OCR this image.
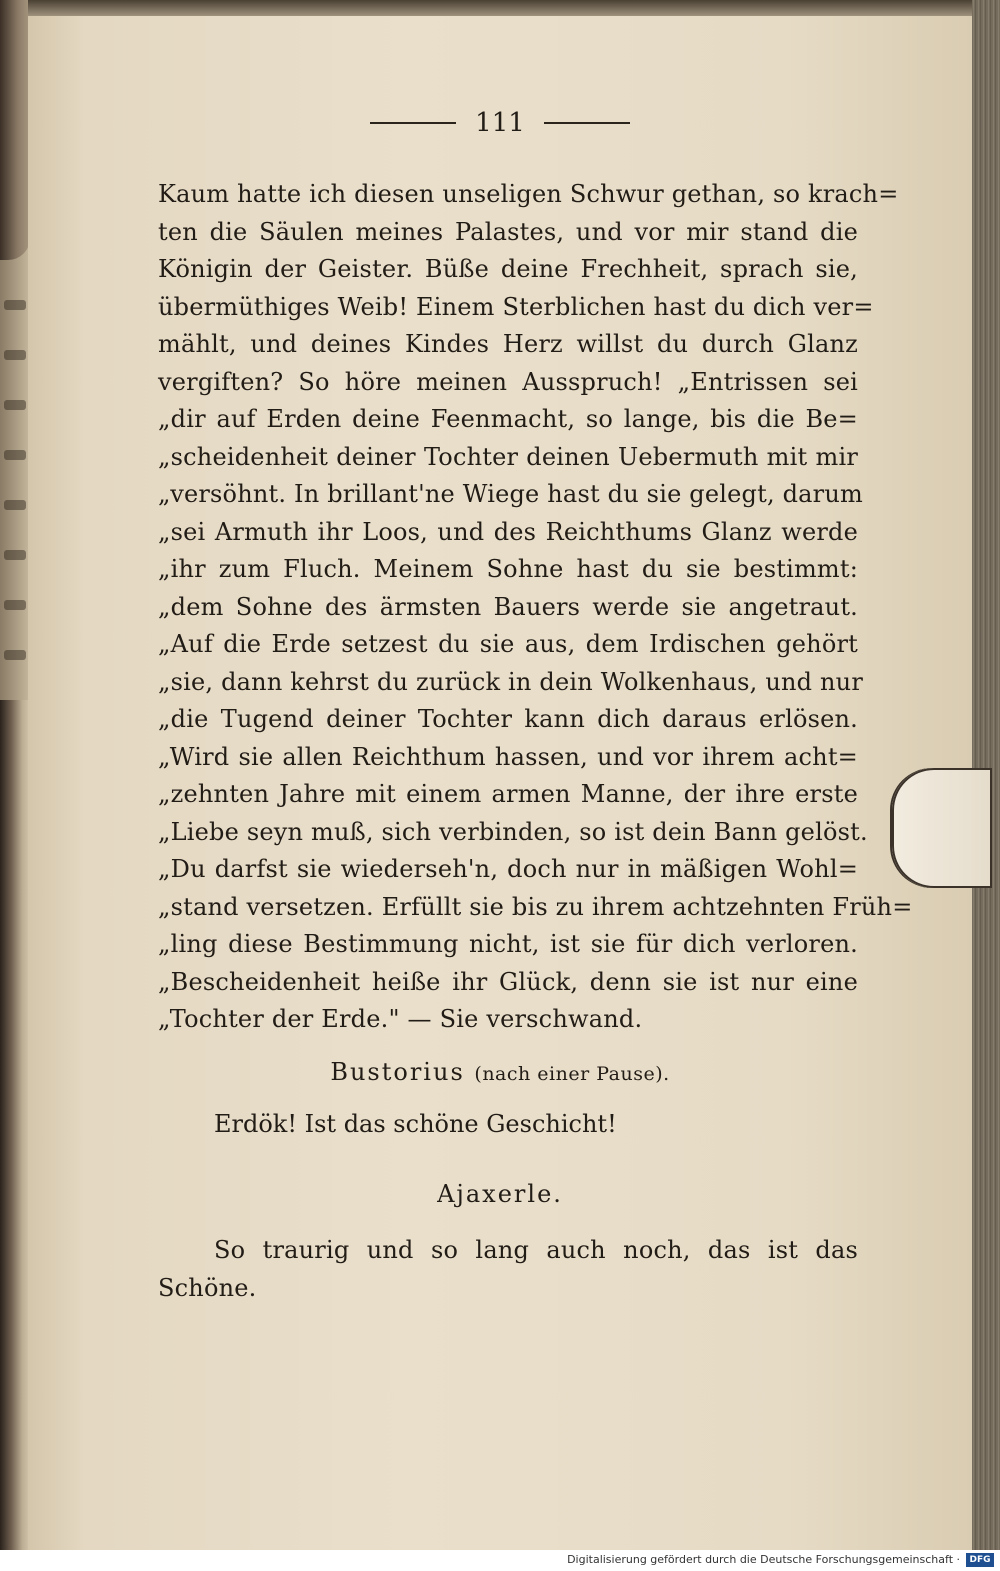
111
Kaum hatte ich diesen unseligen Schwur gethan, so krach=
ten die Säulen meines Palastes, und vor mir stand die
Königin der Geister. Büße deine Frechheit, sprach sie,
übermüthiges Weib! Einem Sterblichen hast du dich ver=
mählt, und deines Kindes Herz willst du durch Glanz
vergiften? So höre meinen Ausspruch! „Entrissen sei
„dir auf Erden deine Feenmacht, so lange, bis die Be=
„scheidenheit deiner Tochter deinen Uebermuth mit mir
„versöhnt. In brillant'ne Wiege hast du sie gelegt, darum
„sei Armuth ihr Loos, und des Reichthums Glanz werde
„ihr zum Fluch. Meinem Sohne hast du sie bestimmt:
„dem Sohne des ärmsten Bauers werde sie angetraut.
„Auf die Erde setzest du sie aus, dem Irdischen gehört
„sie, dann kehrst du zurück in dein Wolkenhaus, und nur
„die Tugend deiner Tochter kann dich daraus erlösen.
„Wird sie allen Reichthum hassen, und vor ihrem acht=
„zehnten Jahre mit einem armen Manne, der ihre erste
„Liebe seyn muß, sich verbinden, so ist dein Bann gelöst.
„Du darfst sie wiederseh'n, doch nur in mäßigen Wohl=
„stand versetzen. Erfüllt sie bis zu ihrem achtzehnten Früh=
„ling diese Bestimmung nicht, ist sie für dich verloren.
„Bescheidenheit heiße ihr Glück, denn sie ist nur eine
„Tochter der Erde." — Sie verschwand.
Bustorius (nach einer Pause).
Erdök! Ist das schöne Geschicht!
Ajaxerle.
So traurig und so lang auch noch, das ist das
Schöne.
Digitalisierung gefördert durch die Deutsche Forschungsgemeinschaft ·	DFG
